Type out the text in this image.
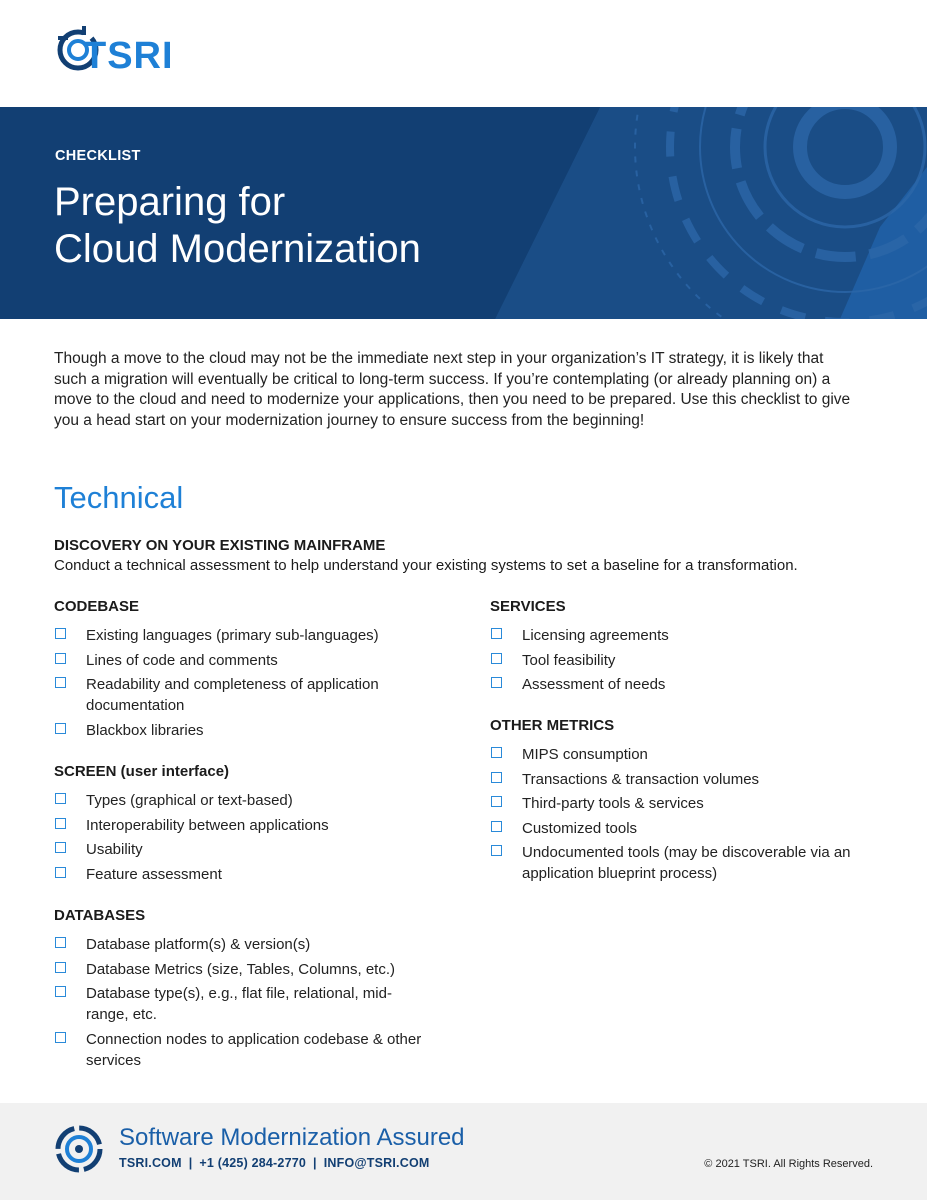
TSRI
CHECKLIST
Preparing for
Cloud Modernization
Though a move to the cloud may not be the immediate next step in your organization’s IT strategy, it is likely that such a migration will eventually be critical to long-term success. If you’re contemplating (or already planning on) a move to the cloud and need to modernize your applications, then you need to be prepared. Use this checklist to give you a head start on your modernization journey to ensure success from the beginning!
Technical
DISCOVERY ON YOUR EXISTING MAINFRAME
Conduct a technical assessment to help understand your existing systems to set a baseline for a transformation.
CODEBASE
Existing languages (primary sub-languages)
Lines of code and comments
Readability and completeness of application documentation
Blackbox libraries
SCREEN (user interface)
Types (graphical or text-based)
Interoperability between applications
Usability
Feature assessment
DATABASES
Database platform(s) & version(s)
Database Metrics (size, Tables, Columns, etc.)
Database type(s), e.g., flat file, relational, mid-range, etc.
Connection nodes to application codebase & other services
SERVICES
Licensing agreements
Tool feasibility
Assessment of needs
OTHER METRICS
MIPS consumption
Transactions & transaction volumes
Third-party tools & services
Customized tools
Undocumented tools (may be discoverable via an application blueprint process)
Software Modernization Assured
TSRI.COM | +1 (425) 284-2770 | INFO@TSRI.COM	© 2021 TSRI. All Rights Reserved.
